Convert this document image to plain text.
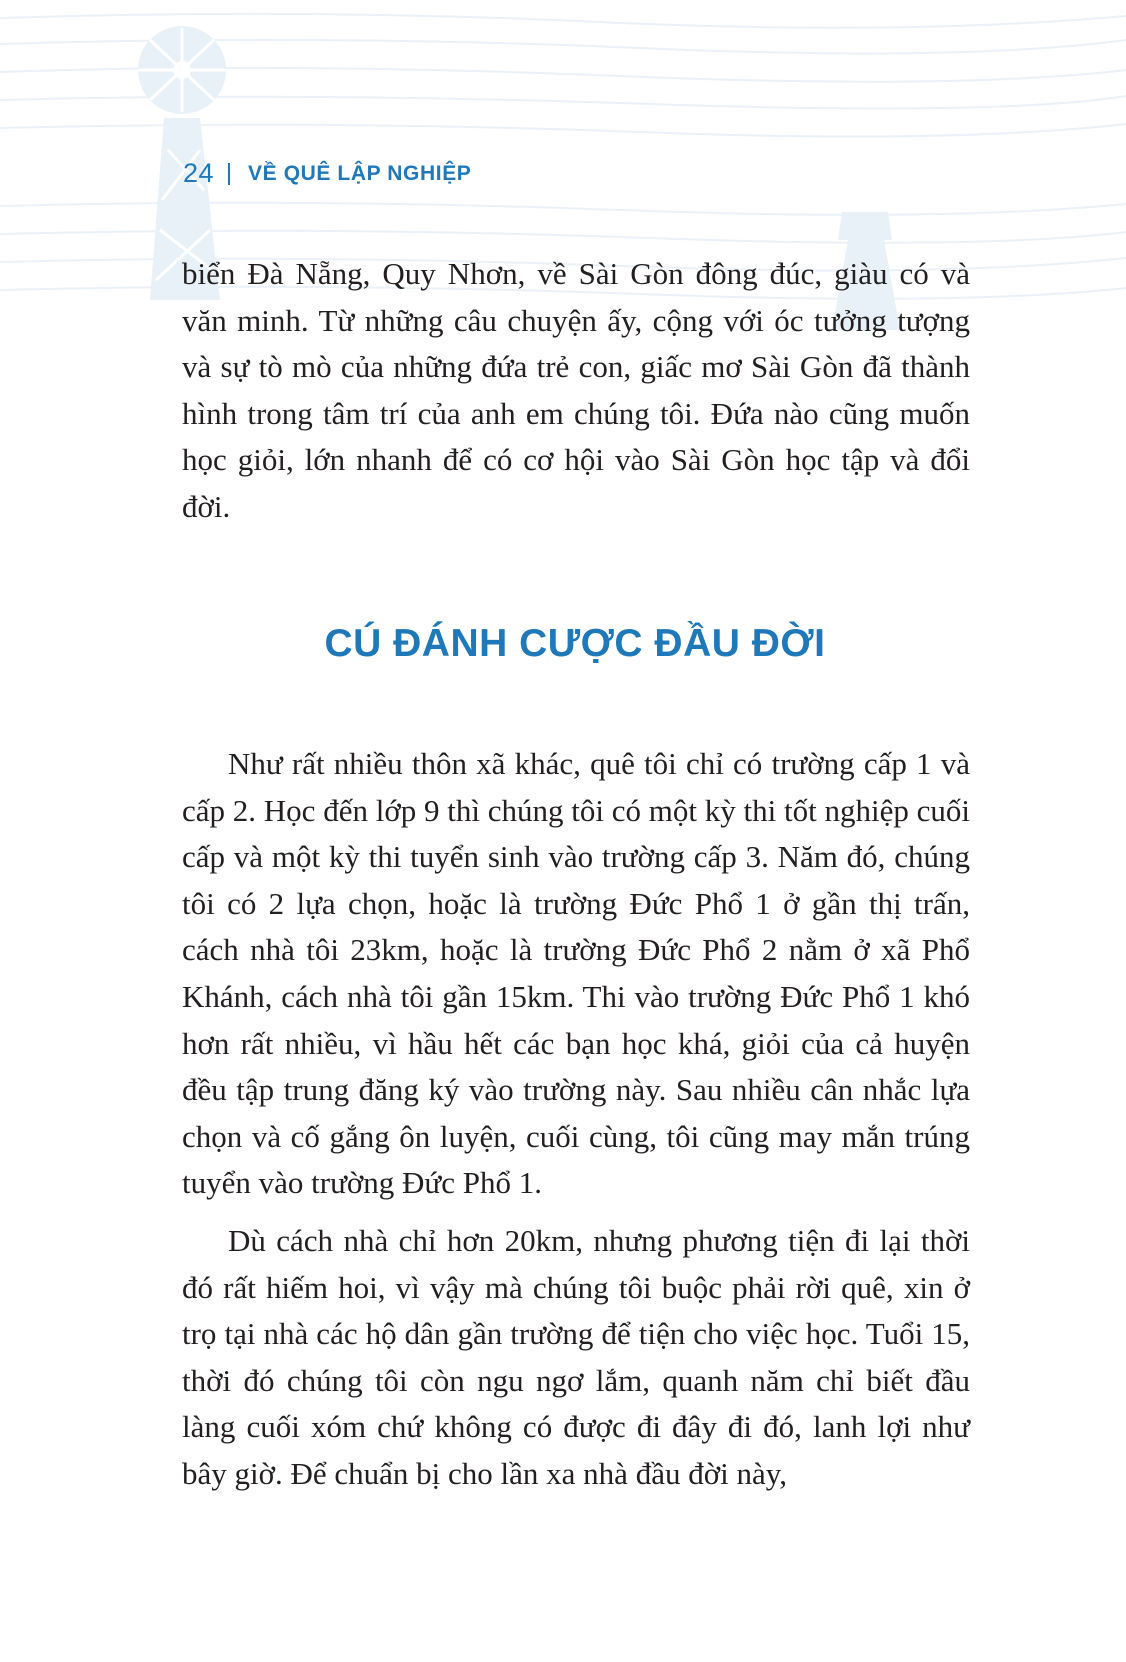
24 VỀ QUÊ LẬP NGHIỆP

biển Đà Nẵng, Quy Nhơn, về Sài Gòn đông đúc, giàu có và văn minh. Từ những câu chuyện ấy, cộng với óc tưởng tượng và sự tò mò của những đứa trẻ con, giấc mơ Sài Gòn đã thành hình trong tâm trí của anh em chúng tôi. Đứa nào cũng muốn học giỏi, lớn nhanh để có cơ hội vào Sài Gòn học tập và đổi đời.

CÚ ĐÁNH CƯỢC ĐẦU ĐỜI

Như rất nhiều thôn xã khác, quê tôi chỉ có trường cấp 1 và cấp 2. Học đến lớp 9 thì chúng tôi có một kỳ thi tốt nghiệp cuối cấp và một kỳ thi tuyển sinh vào trường cấp 3. Năm đó, chúng tôi có 2 lựa chọn, hoặc là trường Đức Phổ 1 ở gần thị trấn, cách nhà tôi 23km, hoặc là trường Đức Phổ 2 nằm ở xã Phổ Khánh, cách nhà tôi gần 15km. Thi vào trường Đức Phổ 1 khó hơn rất nhiều, vì hầu hết các bạn học khá, giỏi của cả huyện đều tập trung đăng ký vào trường này. Sau nhiều cân nhắc lựa chọn và cố gắng ôn luyện, cuối cùng, tôi cũng may mắn trúng tuyển vào trường Đức Phổ 1.

Dù cách nhà chỉ hơn 20km, nhưng phương tiện đi lại thời đó rất hiếm hoi, vì vậy mà chúng tôi buộc phải rời quê, xin ở trọ tại nhà các hộ dân gần trường để tiện cho việc học. Tuổi 15, thời đó chúng tôi còn ngu ngơ lắm, quanh năm chỉ biết đầu làng cuối xóm chứ không có được đi đây đi đó, lanh lợi như bây giờ. Để chuẩn bị cho lần xa nhà đầu đời này,
